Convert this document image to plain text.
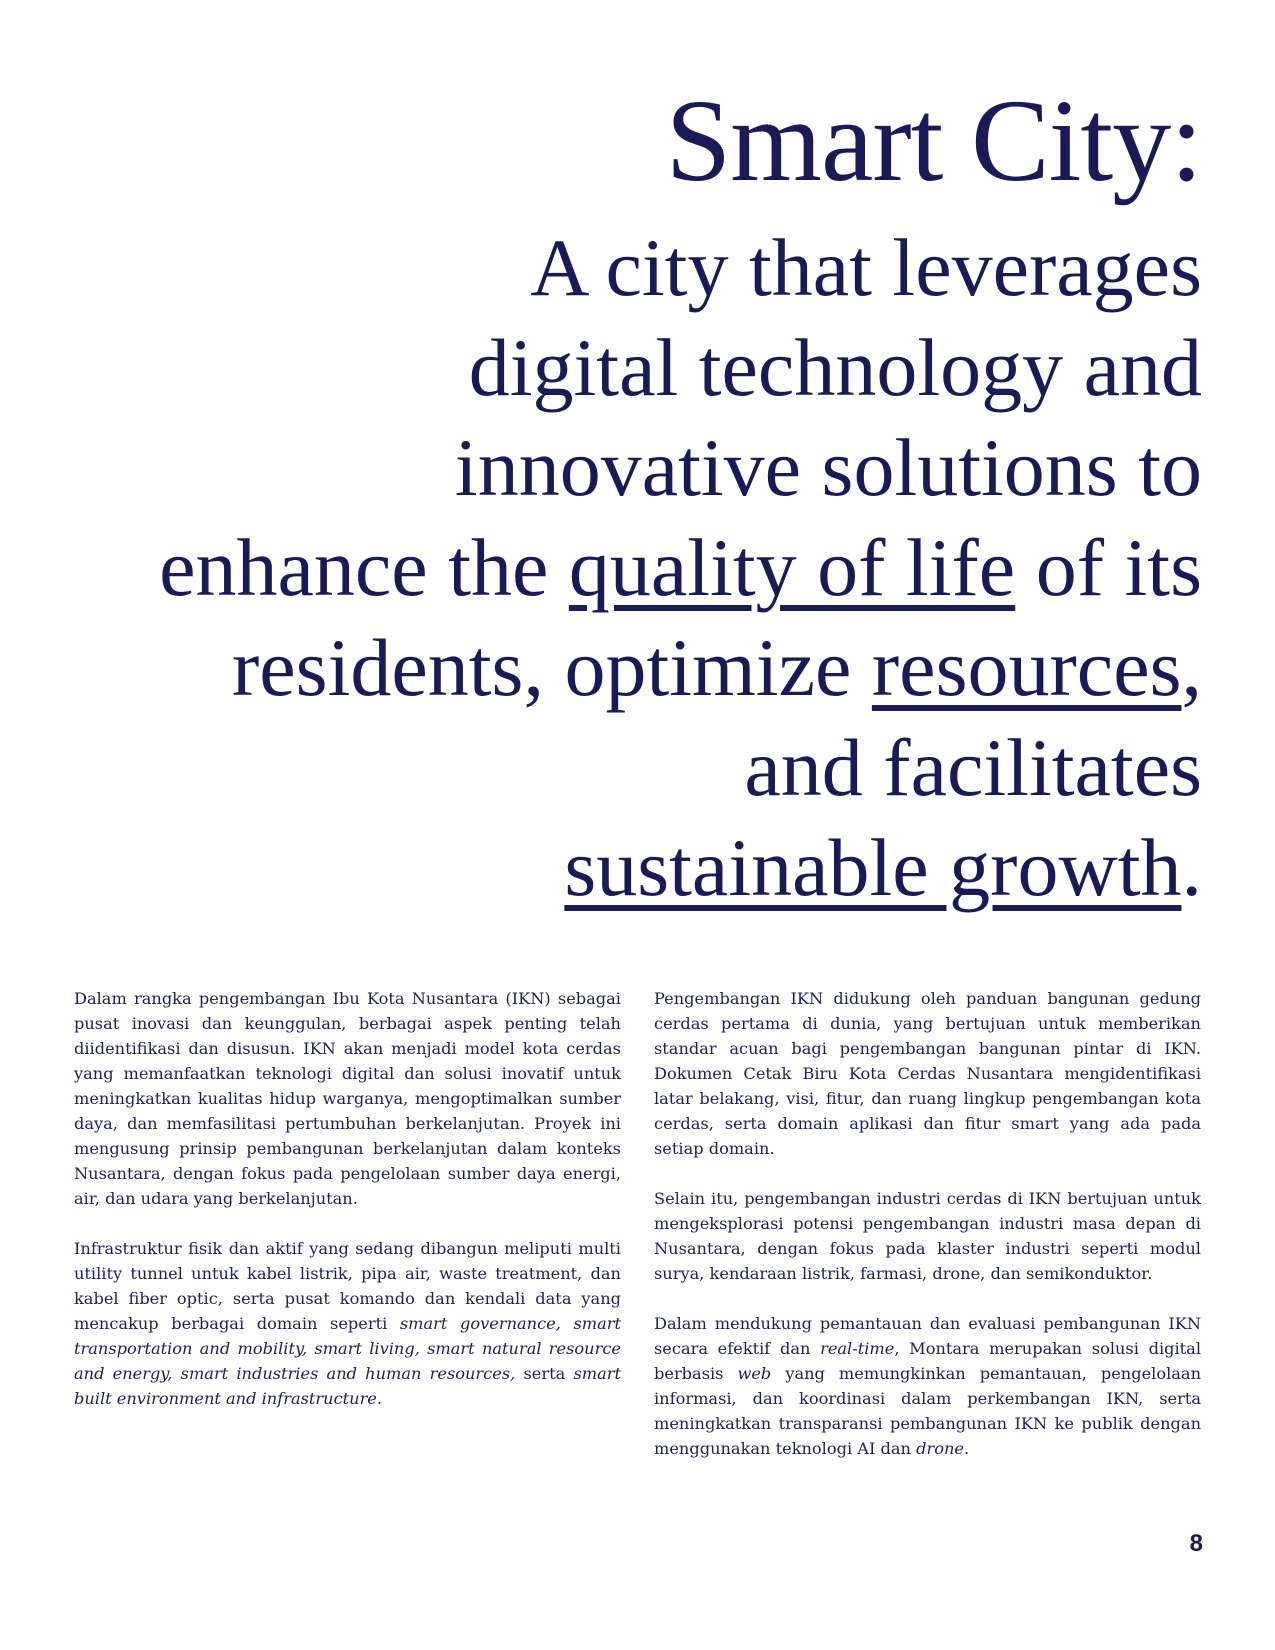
Smart City:

A city that leverages

digital technology and

innovative solutions to

enhance the quality of life of its

residents, optimize resources,

and facilitates

sustainable growth.

Dalam rangka pengembangan Ibu Kota Nusantara (IKN) sebagai pusat inovasi dan keunggulan, berbagai aspek penting telah diidentifikasi dan disusun. IKN akan menjadi model kota cerdas yang memanfaatkan teknologi digital dan solusi inovatif untuk meningkatkan kualitas hidup warganya, mengoptimalkan sumber daya, dan memfasilitasi pertumbuhan berkelanjutan. Proyek ini mengusung prinsip pembangunan berkelanjutan dalam konteks Nusantara, dengan fokus pada pengelolaan sumber daya energi, air, dan udara yang berkelanjutan.

Infrastruktur fisik dan aktif yang sedang dibangun meliputi multi utility tunnel untuk kabel listrik, pipa air, waste treatment, dan kabel fiber optic, serta pusat komando dan kendali data yang mencakup berbagai domain seperti smart governance, smart transportation and mobility, smart living, smart natural resource and energy, smart industries and human resources, serta smart built environment and infrastructure.

Pengembangan IKN didukung oleh panduan bangunan gedung cerdas pertama di dunia, yang bertujuan untuk memberikan standar acuan bagi pengembangan bangunan pintar di IKN. Dokumen Cetak Biru Kota Cerdas Nusantara mengidentifikasi latar belakang, visi, fitur, dan ruang lingkup pengembangan kota cerdas, serta domain aplikasi dan fitur smart yang ada pada setiap domain.

Selain itu, pengembangan industri cerdas di IKN bertujuan untuk mengeksplorasi potensi pengembangan industri masa depan di Nusantara, dengan fokus pada klaster industri seperti modul surya, kendaraan listrik, farmasi, drone, dan semikonduktor.

Dalam mendukung pemantauan dan evaluasi pembangunan IKN secara efektif dan real-time, Montara merupakan solusi digital berbasis web yang memungkinkan pemantauan, pengelolaan informasi, dan koordinasi dalam perkembangan IKN, serta meningkatkan transparansi pembangunan IKN ke publik dengan menggunakan teknologi AI dan drone.

8
